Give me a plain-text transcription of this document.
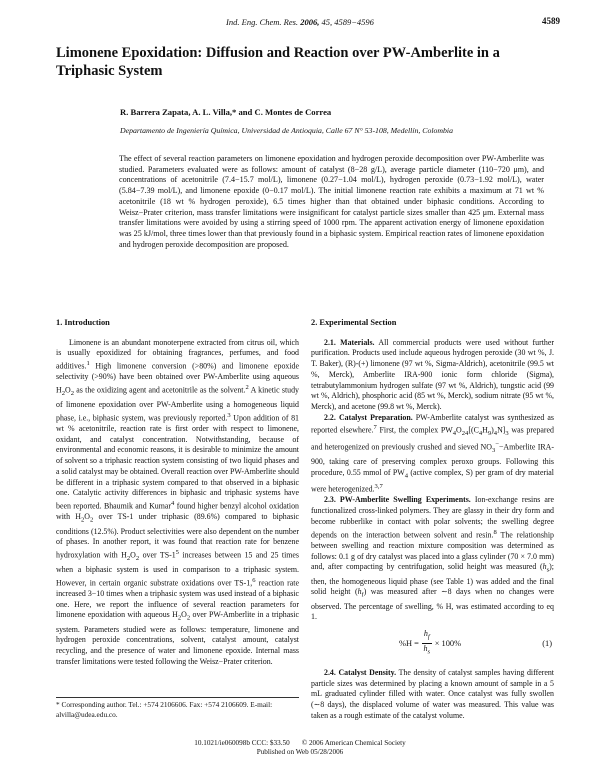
Ind. Eng. Chem. Res. 2006, 45, 4589−4596	4589
Limonene Epoxidation: Diffusion and Reaction over PW-Amberlite in a Triphasic System
R. Barrera Zapata, A. L. Villa,* and C. Montes de Correa
Departamento de Ingeniería Química, Universidad de Antioquia, Calle 67 N° 53-108, Medellín, Colombia

The effect of several reaction parameters on limonene epoxidation and hydrogen peroxide decomposition over PW-Amberlite was studied. Parameters evaluated were as follows: amount of catalyst (8−28 g/L), average particle diameter (110−720 μm), and concentrations of acetonitrile (7.4−15.7 mol/L), limonene (0.27−1.04 mol/L), hydrogen peroxide (0.73−1.92 mol/L), water (5.84−7.39 mol/L), and limonene epoxide (0−0.17 mol/L). The initial limonene reaction rate exhibits a maximum at 71 wt % acetonitrile (18 wt % hydrogen peroxide), 6.5 times higher than that obtained under biphasic conditions. According to Weisz−Prater criterion, mass transfer limitations were insignificant for catalyst particle sizes smaller than 425 μm. External mass transfer limitations were avoided by using a stirring speed of 1000 rpm. The apparent activation energy of limonene epoxidation was 25 kJ/mol, three times lower than that previously found in a biphasic system. Empirical reaction rates of limonene epoxidation and hydrogen peroxide decomposition are proposed.

1. Introduction

Limonene is an abundant monoterpene extracted from citrus oil, which is usually epoxidized for obtaining fragrances, perfumes, and food additives.$^1$ High limonene conversion (>80%) and limonene epoxide selectivity (>90%) have been obtained over PW-Amberlite using aqueous $H_2O_2$ as the oxidizing agent and acetonitrile as the solvent.$^2$ A kinetic study of limonene epoxidation over PW-Amberlite using a homogeneous liquid phase, i.e., biphasic system, was previously reported.$^3$ Upon addition of 81 wt % acetonitrile, reaction rate is first order with respect to limonene, oxidant, and catalyst concentration. Notwithstanding, because of environmental and economic reasons, it is desirable to minimize the amount of solvent so a triphasic reaction system consisting of two liquid phases and a solid catalyst may be obtained. Overall reaction over PW-Amberlite should be different in a triphasic system compared to that observed in a biphasic one. Catalytic activity differences in biphasic and triphasic systems have been reported. Bhaumik and Kumar$^4$ found higher benzyl alcohol oxidation with $H_2O_2$ over TS-1 under triphasic (89.6%) compared to biphasic conditions (12.5%). Product selectivities were also dependent on the number of phases. In another report, it was found that reaction rate for benzene hydroxylation with $H_2O_2$ over $TS-1^5$ increases between 15 and 25 times when a biphasic system is used in comparison to a triphasic system. However, in certain organic substrate oxidations over TS-1,$^6$ reaction rate increased 3−10 times when a triphasic system was used instead of a biphasic one. Here, we report the influence of several reaction parameters for limonene epoxidation with aqueous $H_2O_2$ over PW-Amberlite in a triphasic system. Parameters studied were as follows: temperature, limonene and hydrogen peroxide concentrations, solvent, catalyst amount, catalyst recycling, and the presence of water and limonene epoxide. Internal mass transfer limitations were tested following the Weisz−Prater criterion.

2. Experimental Section

2.1. Materials. All commercial products were used without further purification. Products used include aqueous hydrogen peroxide (30 wt %, J. T. Baker), (R)-(+) limonene (97 wt %, Sigma-Aldrich), acetonitrile (99.5 wt %, Merck), Amberlite IRA-900 ionic form chloride (Sigma), tetrabutylammonium hydrogen sulfate (97 wt %, Aldrich), tungstic acid (99 wt %, Aldrich), phosphoric acid (85 wt %, Merck), sodium nitrate (95 wt %, Merck), and acetone (99.8 wt %, Merck).

2.2. Catalyst Preparation. PW-Amberlite catalyst was synthesized as reported elsewhere.$^7$ First, the complex $PW_4O_{24}[(C_4H_9)_4N]_3$ was prepared and heterogenized on previously crushed and sieved $NO_3^--Amberlite$ IRA-900, taking care of preserving complex peroxo groups. Following this procedure, 0.55 mmol of $PW_4$ (active complex, S) per gram of dry material were heterogenized.$^{3,7}$

2.3. PW-Amberlite Swelling Experiments. Ion-exchange resins are functionalized cross-linked polymers. They are glassy in their dry form and become rubberlike in contact with polar solvents; the swelling degree depends on the interaction between solvent and resin.$^8$ The relationship between swelling and reaction mixture composition was determined as follows: 0.1 g of dry catalyst was placed into a glass cylinder (70 × 7.0 mm) and, after compacting by centrifugation, solid height was measured $(h_s)$; then, the homogeneous liquid phase (see Table 1) was added and the final solid height $(h_f)$ was measured after ∼8 days when no changes were observed. The percentage of swelling, % H, was estimated according to eq 1.

$\%H = \frac{h_f}{h_s} \times 100\%$	(1)

2.4. Catalyst Density. The density of catalyst samples having different particle sizes was determined by placing a known amount of sample in a 5 mL graduated cylinder filled with water. Once catalyst was fully swollen (∼8 days), the displaced volume of water was measured. This value was taken as a rough estimate of the catalyst volume.

* Corresponding author. Tel.: +574 2106606. Fax: +574 2106609. E-mail: alvilla@udea.edu.co.
10.1021/ie060098b CCC: $33.50 © 2006 American Chemical Society
Published on Web 05/28/2006
